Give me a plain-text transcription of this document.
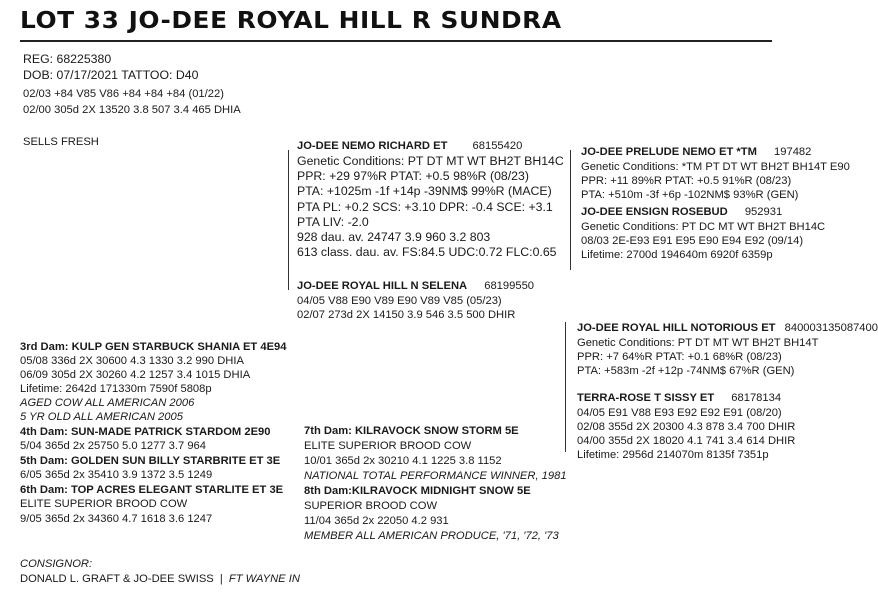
LOT 33 JO-DEE ROYAL HILL R SUNDRA
REG: 68225380
DOB: 07/17/2021 TATTOO: D40
02/03 +84 V85 V86 +84 +84 +84 (01/22)
02/00 305d 2X 13520 3.8 507 3.4 465 DHIA
SELLS FRESH	JO-DEE NEMO RICHARD ET 68155420
Genetic Conditions: PT DT MT WT BH2T BH14C
PPR: +29 97%R PTAT: +0.5 98%R (08/23)
PTA: +1025m -1f +14p -39NM$ 99%R (MACE)
PTA PL: +0.2 SCS: +3.10 DPR: -0.4 SCE: +3.1
PTA LIV: -2.0
928 dau. av. 24747 3.9 960 3.2 803
613 class. dau. av. FS:84.5 UDC:0.72 FLC:0.65
JO-DEE ROYAL HILL N SELENA 68199550
04/05 V88 E90 V89 E90 V89 V85 (05/23)
02/07 273d 2X 14150 3.9 546 3.5 500 DHIR
JO-DEE PRELUDE NEMO ET *TM 197482
Genetic Conditions: *TM PT DT WT BH2T BH14T E90
PPR: +11 89%R PTAT: +0.5 91%R (08/23)
PTA: +510m -3f +6p -102NM$ 93%R (GEN)
JO-DEE ENSIGN ROSEBUD 952931
Genetic Conditions: PT DC MT WT BH2T BH14C
08/03 2E-E93 E91 E95 E90 E94 E92 (09/14)
Lifetime: 2700d 194640m 6920f 6359p
JO-DEE ROYAL HILL NOTORIOUS ET 840003135087400
Genetic Conditions: PT DT MT WT BH2T BH14T
PPR: +7 64%R PTAT: +0.1 68%R (08/23)
PTA: +583m -2f +12p -74NM$ 67%R (GEN)
TERRA-ROSE T SISSY ET 68178134
04/05 E91 V88 E93 E92 E92 E91 (08/20)
02/08 355d 2X 20300 4.3 878 3.4 700 DHIR
04/00 355d 2X 18020 4.1 741 3.4 614 DHIR
Lifetime: 2956d 214070m 8135f 7351p
3rd Dam: KULP GEN STARBUCK SHANIA ET 4E94
05/08 336d 2X 30600 4.3 1330 3.2 990 DHIA
06/09 305d 2X 30260 4.2 1257 3.4 1015 DHIA
Lifetime: 2642d 171330m 7590f 5808p
AGED COW ALL AMERICAN 2006
5 YR OLD ALL AMERICAN 2005
4th Dam: SUN-MADE PATRICK STARDOM 2E90
5/04 365d 2x 25750 5.0 1277 3.7 964
5th Dam: GOLDEN SUN BILLY STARBRITE ET 3E
6/05 365d 2x 35410 3.9 1372 3.5 1249
6th Dam: TOP ACRES ELEGANT STARLITE ET 3E
ELITE SUPERIOR BROOD COW
9/05 365d 2x 34360 4.7 1618 3.6 1247
7th Dam: KILRAVOCK SNOW STORM 5E
ELITE SUPERIOR BROOD COW
10/01 365d 2x 30210 4.1 1225 3.8 1152
NATIONAL TOTAL PERFORMANCE WINNER, 1981
8th Dam:KILRAVOCK MIDNIGHT SNOW 5E
SUPERIOR BROOD COW
11/04 365d 2x 22050 4.2 931
MEMBER ALL AMERICAN PRODUCE, '71, '72, '73
CONSIGNOR:
DONALD L. GRAFT & JO-DEE SWISS | FT WAYNE IN
